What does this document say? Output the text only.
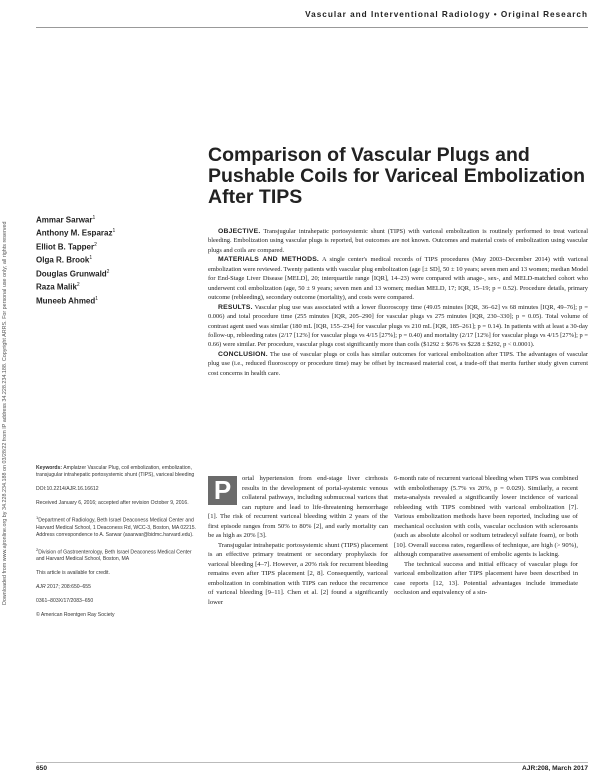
Downloaded from www.ajronline.org by 34.228.234.188 on 03/28/22 from IP address 34.228.234.188. Copyright ARRS. For personal use only; all rights reserved
Vascular and Interventional Radiology • Original Research
Comparison of Vascular Plugs and Pushable Coils for Variceal Embolization After TIPS
Ammar Sarwar$^1$
Anthony M. Esparaz$^1$
Elliot B. Tapper$^2$
Olga R. Brook$^1$
Douglas Grunwald$^2$
Raza Malik$^2$
Muneeb Ahmed$^1$

OBJECTIVE. Transjugular intrahepatic portosystemic shunt (TIPS) with variceal embolization is routinely performed to treat variceal bleeding. Embolization using vascular plugs is reported, but outcomes are not known. Outcomes and material costs of embolization using vascular plugs and coils are compared.

MATERIALS AND METHODS. A single center's medical records of TIPS procedures (May 2003–December 2014) with variceal embolization were reviewed. Twenty patients with vascular plug embolization (age [± SD], 50 ± 10 years; seven men and 13 women; median Model for End-Stage Liver Disease [MELD], 20; interquartile range [IQR], 14–23) were compared with anage-, sex-, and MELD-matched cohort who underwent coil embolization (age, 50 ± 9 years; seven men and 13 women; median MELD, 17; IQR, 15–19; p = 0.52). Procedure details, primary outcome (rebleeding), secondary outcome (mortality), and costs were compared.

RESULTS. Vascular plug use was associated with a lower fluoroscopy time (49.05 minutes [IQR, 36–62] vs 68 minutes [IQR, 49–76]; p = 0.006) and total procedure time (255 minutes [IQR, 205–290] for vascular plugs vs 275 minutes [IQR, 230–330]; p = 0.05). Total volume of contrast agent used was similar (180 mL [IQR, 155–234] for vascular plugs vs 210 mL [IQR, 185–261]; p = 0.14). In patients with at least a 30-day follow-up, rebleeding rates (2/17 [12%] for vascular plugs vs 4/15 [27%]; p = 0.40) and mortality (2/17 [12%] for vascular plugs vs 4/15 [27%]; p = 0.66) were similar. Per procedure, vascular plugs cost significantly more than coils ($1292 ± $676 vs $228 ± $292, p < 0.0001).

CONCLUSION. The use of vascular plugs or coils has similar outcomes for variceal embolization after TIPS. The advantages of vascular plug use (i.e., reduced fluoroscopy or procedure time) may be offset by increased material cost, a trade-off that merits further study given current cost concerns in health care.

Keywords: Amplatzer Vascular Plug, coil embolization, embolization, transjugular intrahepatic portosystemic shunt (TIPS), variceal bleeding

DOI:10.2214/AJR.16.16612

Received January 6, 2016; accepted after revision October 9, 2016.

$^1$Department of Radiology, Beth Israel Deaconess Medical Center and Harvard Medical School, 1 Deaconess Rd, WCC-3, Boston, MA 02215. Address correspondence to A. Sarwar (asarwar@bidmc.harvard.edu).

$^2$Division of Gastroenterology, Beth Israel Deaconess Medical Center and Harvard Medical School, Boston, MA

This article is available for credit.

AJR 2017; 208:650–655

0361–803X/17/2083–650

© American Roentgen Ray Society

P	ortal hypertension from end-stage liver cirrhosis results in the development of portal-systemic venous collateral pathways, including submucosal varices that can rupture and lead to life-threatening hemorrhage [1]. The risk of recurrent variceal bleeding within 2 years of the first episode ranges from 50% to 80% [2], and early mortality can be as high as 20% [3].

Transjugular intrahepatic portosystemic shunt (TIPS) placement is an effective primary treatment or secondary prophylaxis for variceal bleeding [4–7]. However, a 20% risk for recurrent bleeding remains even after TIPS placement [2, 8]. Consequently, variceal embolization in combination with TIPS can reduce the recurrence of variceal bleeding [9–11]. Chen et al. [2] found a significantly lower

6-month rate of recurrent variceal bleeding when TIPS was combined with embolotherapy (5.7% vs 20%, p = 0.029). Similarly, a recent meta-analysis revealed a significantly lower incidence of variceal rebleeding with TIPS combined with variceal embolization [7]. Various embolization methods have been reported, including use of mechanical occlusion with coils, vascular occlusion with sclerosants (such as absolute alcohol or sodium tetradecyl sulfate foam), or both [10]. Overall success rates, regardless of technique, are high (> 90%), although comparative assessment of embolic agents is lacking.

The technical success and initial efficacy of vascular plugs for variceal embolization after TIPS placement have been described in case reports [12, 13]. Potential advantages include immediate occlusion and equivalency of a sin-

650	AJR:208, March 2017
